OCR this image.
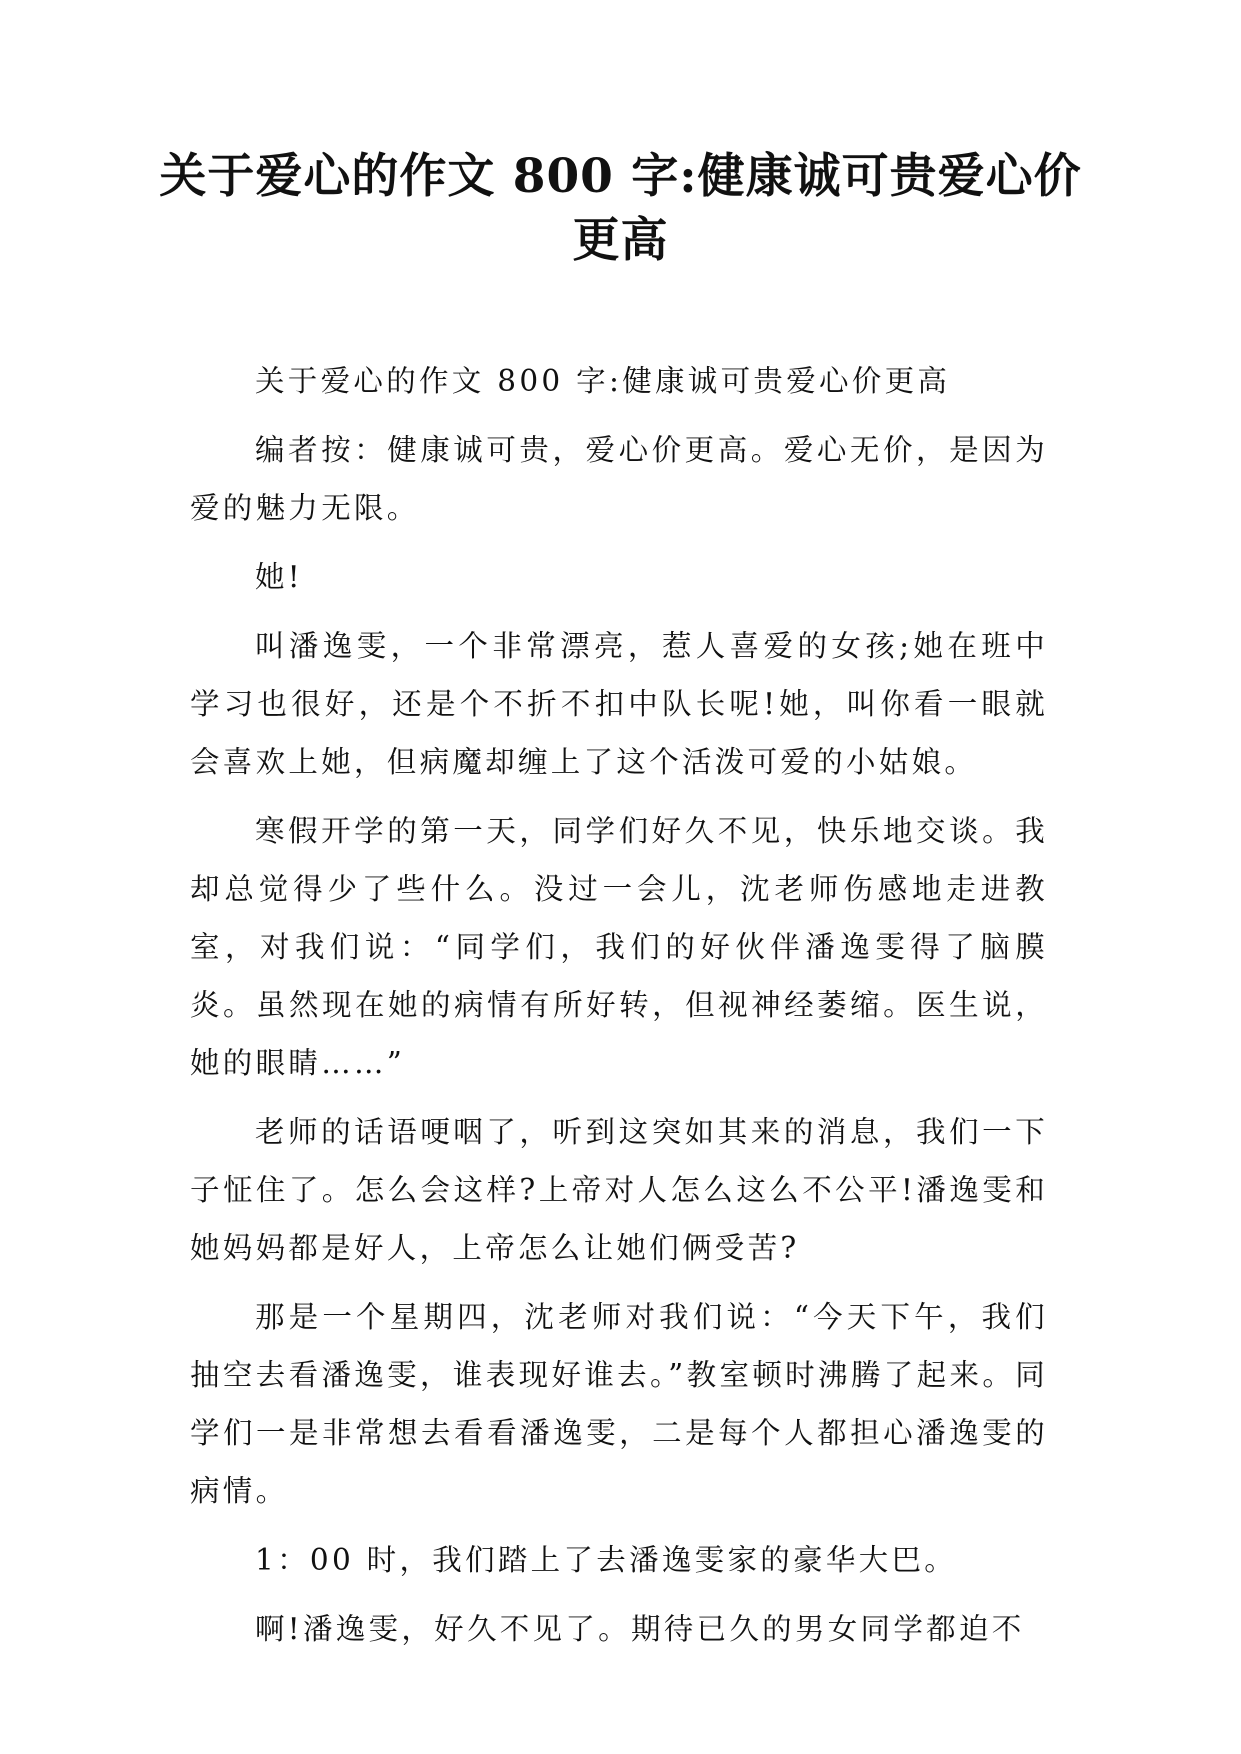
关于爱心的作文 800 字:健康诚可贵爱心价更高

关于爱心的作文 800 字:健康诚可贵爱心价更高

编者按：健康诚可贵，爱心价更高。爱心无价，是因为爱的魅力无限。

她!

叫潘逸雯，一个非常漂亮，惹人喜爱的女孩;她在班中学习也很好，还是个不折不扣中队长呢!她，叫你看一眼就会喜欢上她，但病魔却缠上了这个活泼可爱的小姑娘。

寒假开学的第一天，同学们好久不见，快乐地交谈。我却总觉得少了些什么。没过一会儿，沈老师伤感地走进教室，对我们说：“同学们，我们的好伙伴潘逸雯得了脑膜炎。虽然现在她的病情有所好转，但视神经萎缩。医生说，她的眼睛……”

老师的话语哽咽了，听到这突如其来的消息，我们一下子怔住了。怎么会这样?上帝对人怎么这么不公平!潘逸雯和她妈妈都是好人，上帝怎么让她们俩受苦?

那是一个星期四，沈老师对我们说：“今天下午，我们抽空去看潘逸雯，谁表现好谁去。”教室顿时沸腾了起来。同学们一是非常想去看看潘逸雯，二是每个人都担心潘逸雯的病情。

1：00 时，我们踏上了去潘逸雯家的豪华大巴。

啊!潘逸雯，好久不见了。期待已久的男女同学都迫不
